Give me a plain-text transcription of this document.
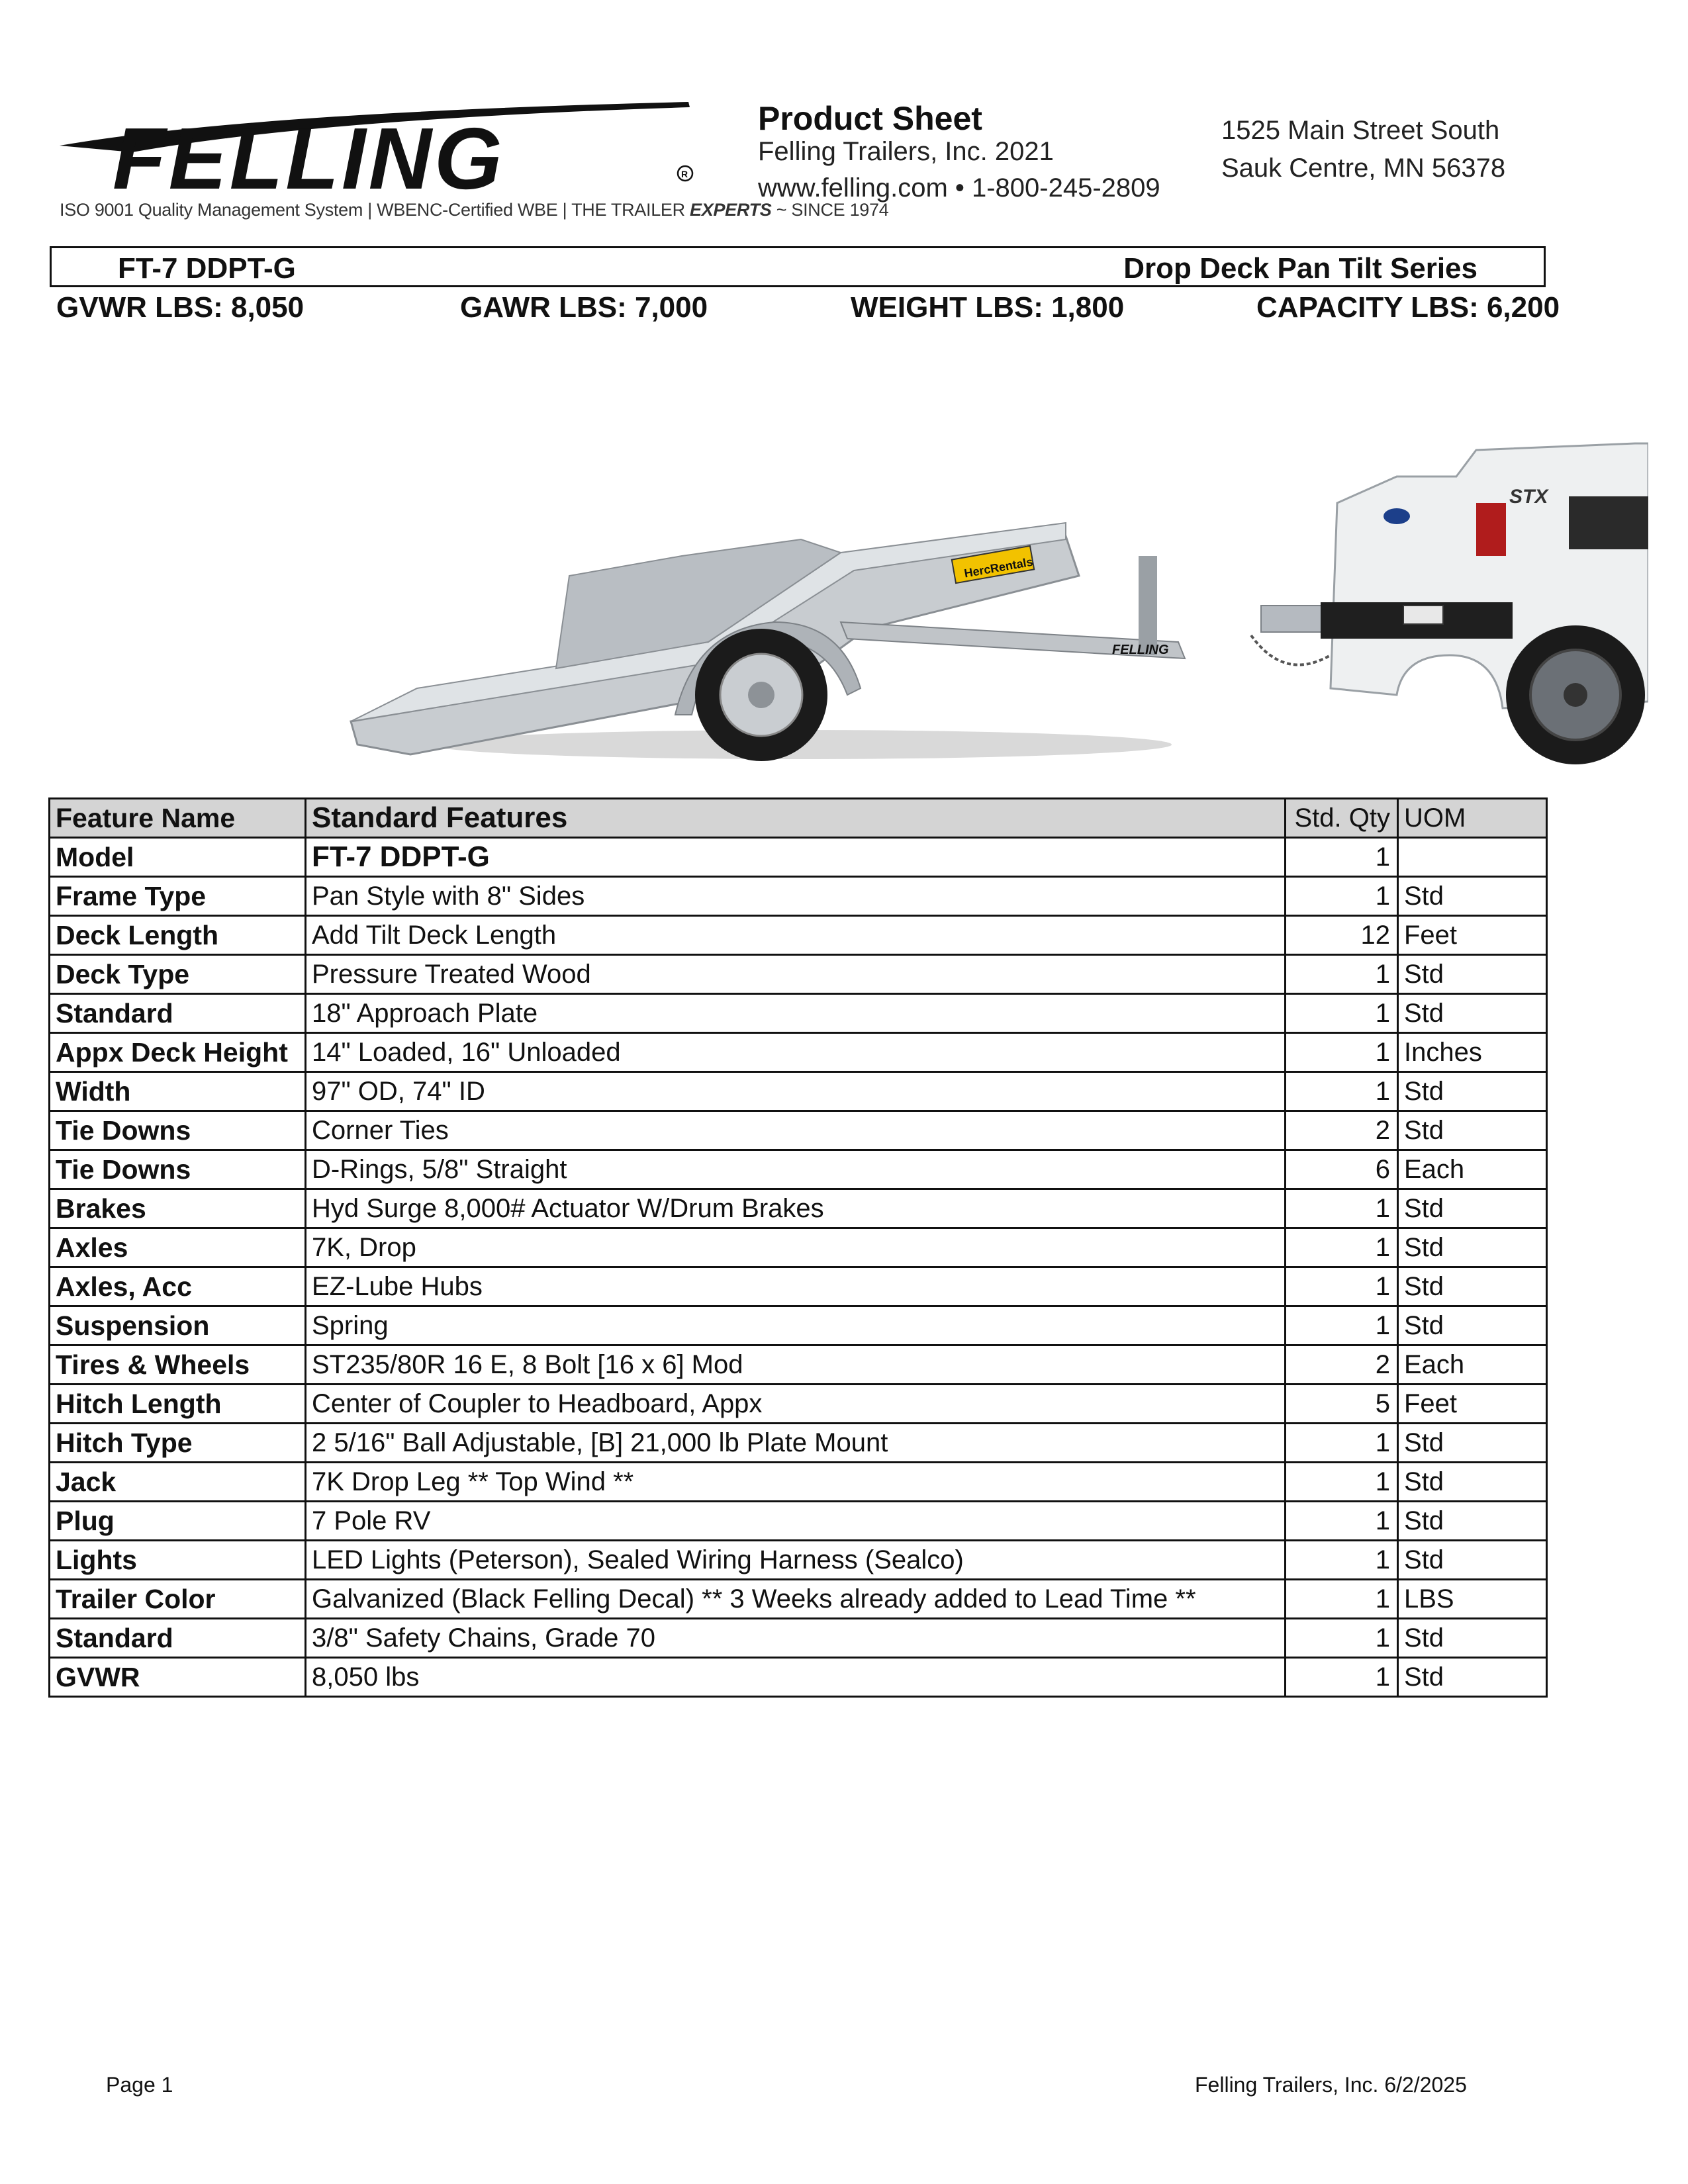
FELLING	R
ISO 9001 Quality Management System | WBENC-Certified WBE | THE TRAILER EXPERTS ~ SINCE 1974
Product Sheet
Felling Trailers, Inc. 2021
www.felling.com • 1-800-245-2809
1525 Main Street South
Sauk Centre, MN 56378
FT-7 DDPT-G	Drop Deck Pan Tilt Series
GVWR LBS: 8,050	GAWR LBS: 7,000	WEIGHT LBS: 1,800	CAPACITY LBS: 6,200
HercRentals
FELLING
STX
Feature Name	Standard Features	Std. Qty	UOM
Model	FT-7 DDPT-G	1	
Frame Type	Pan Style with 8" Sides	1	Std
Deck Length	Add Tilt Deck Length	12	Feet
Deck Type	Pressure Treated Wood	1	Std
Standard	18" Approach Plate	1	Std
Appx Deck Height	14" Loaded, 16" Unloaded	1	Inches
Width	97" OD, 74" ID	1	Std
Tie Downs	Corner Ties	2	Std
Tie Downs	D-Rings, 5/8" Straight	6	Each
Brakes	Hyd Surge 8,000# Actuator W/Drum Brakes	1	Std
Axles	7K, Drop	1	Std
Axles, Acc	EZ-Lube Hubs	1	Std
Suspension	Spring	1	Std
Tires & Wheels	ST235/80R 16 E, 8 Bolt [16 x 6] Mod	2	Each
Hitch Length	Center of Coupler to Headboard, Appx	5	Feet
Hitch Type	2 5/16" Ball Adjustable, [B] 21,000 lb Plate Mount	1	Std
Jack	7K Drop Leg ** Top Wind **	1	Std
Plug	7 Pole RV	1	Std
Lights	LED Lights (Peterson), Sealed Wiring Harness (Sealco)	1	Std
Trailer Color	Galvanized (Black Felling Decal) ** 3 Weeks already added to Lead Time **	1	LBS
Standard	3/8" Safety Chains, Grade 70	1	Std
GVWR	8,050 lbs	1	Std
Page 1	Felling Trailers, Inc. 6/2/2025
